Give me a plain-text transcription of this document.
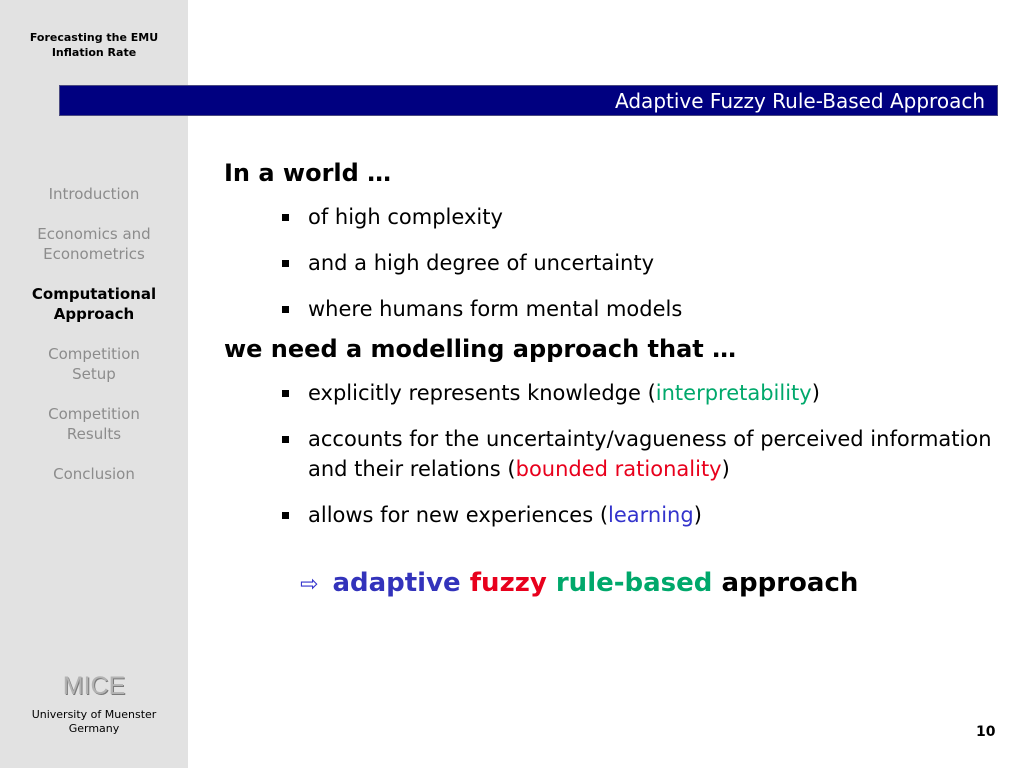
Forecasting the EMU
Inflation Rate
Introduction
Economics and
Econometrics
Computational
Approach
Competition
Setup
Competition
Results
Conclusion
MICE
University of Muenster
Germany
Adaptive Fuzzy Rule-Based Approach

In a world …

of high complexity
and a high degree of uncertainty
where humans form mental models

we need a modelling approach that …

explicitly represents knowledge (interpretability)
accounts for the uncertainty/vagueness of perceived information and their relations (bounded rationality)
allows for new experiences (learning)
⇨ adaptive fuzzy rule-based approach
10
